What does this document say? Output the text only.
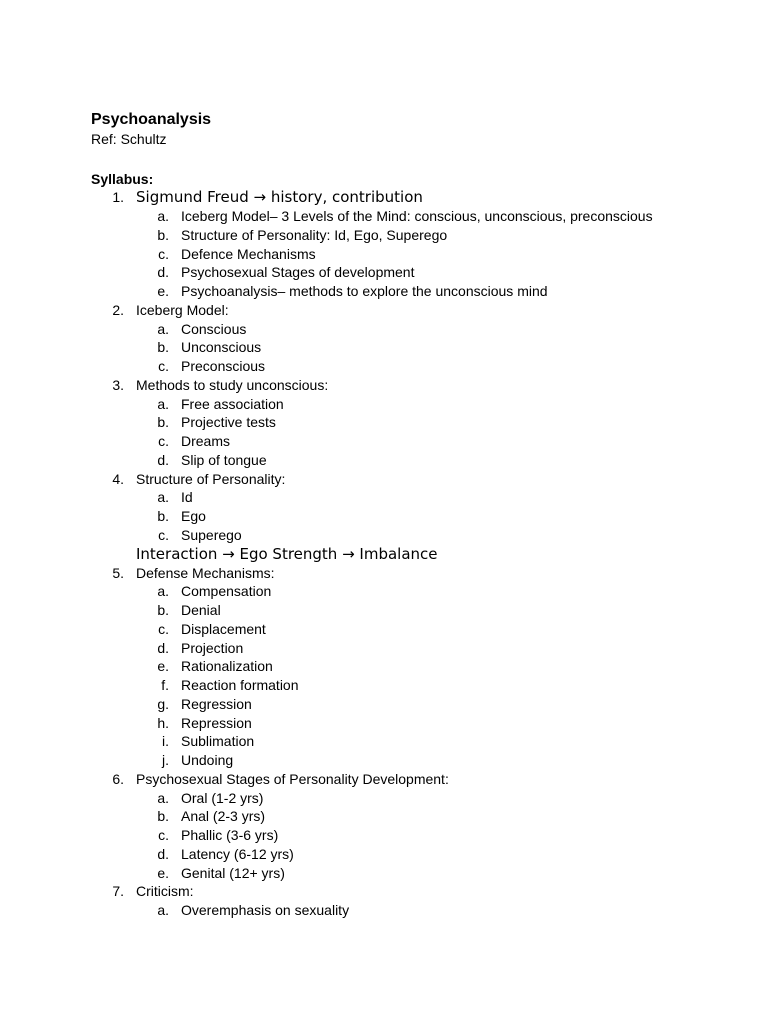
Psychoanalysis

Ref: Schultz

Syllabus:

1. Sigmund Freud → history, contribution
a. Iceberg Model– 3 Levels of the Mind: conscious, unconscious, preconscious
b. Structure of Personality: Id, Ego, Superego
c. Defence Mechanisms
d. Psychosexual Stages of development
e. Psychoanalysis– methods to explore the unconscious mind
2. Iceberg Model:
a. Conscious
b. Unconscious
c. Preconscious
3. Methods to study unconscious:
a. Free association
b. Projective tests
c. Dreams
d. Slip of tongue
4. Structure of Personality:
a. Id
b. Ego
c. Superego
Interaction → Ego Strength → Imbalance
5. Defense Mechanisms:
a. Compensation
b. Denial
c. Displacement
d. Projection
e. Rationalization
f. Reaction formation
g. Regression
h. Repression
i. Sublimation
j. Undoing
6. Psychosexual Stages of Personality Development:
a. Oral (1-2 yrs)
b. Anal (2-3 yrs)
c. Phallic (3-6 yrs)
d. Latency (6-12 yrs)
e. Genital (12+ yrs)
7. Criticism:
a. Overemphasis on sexuality
